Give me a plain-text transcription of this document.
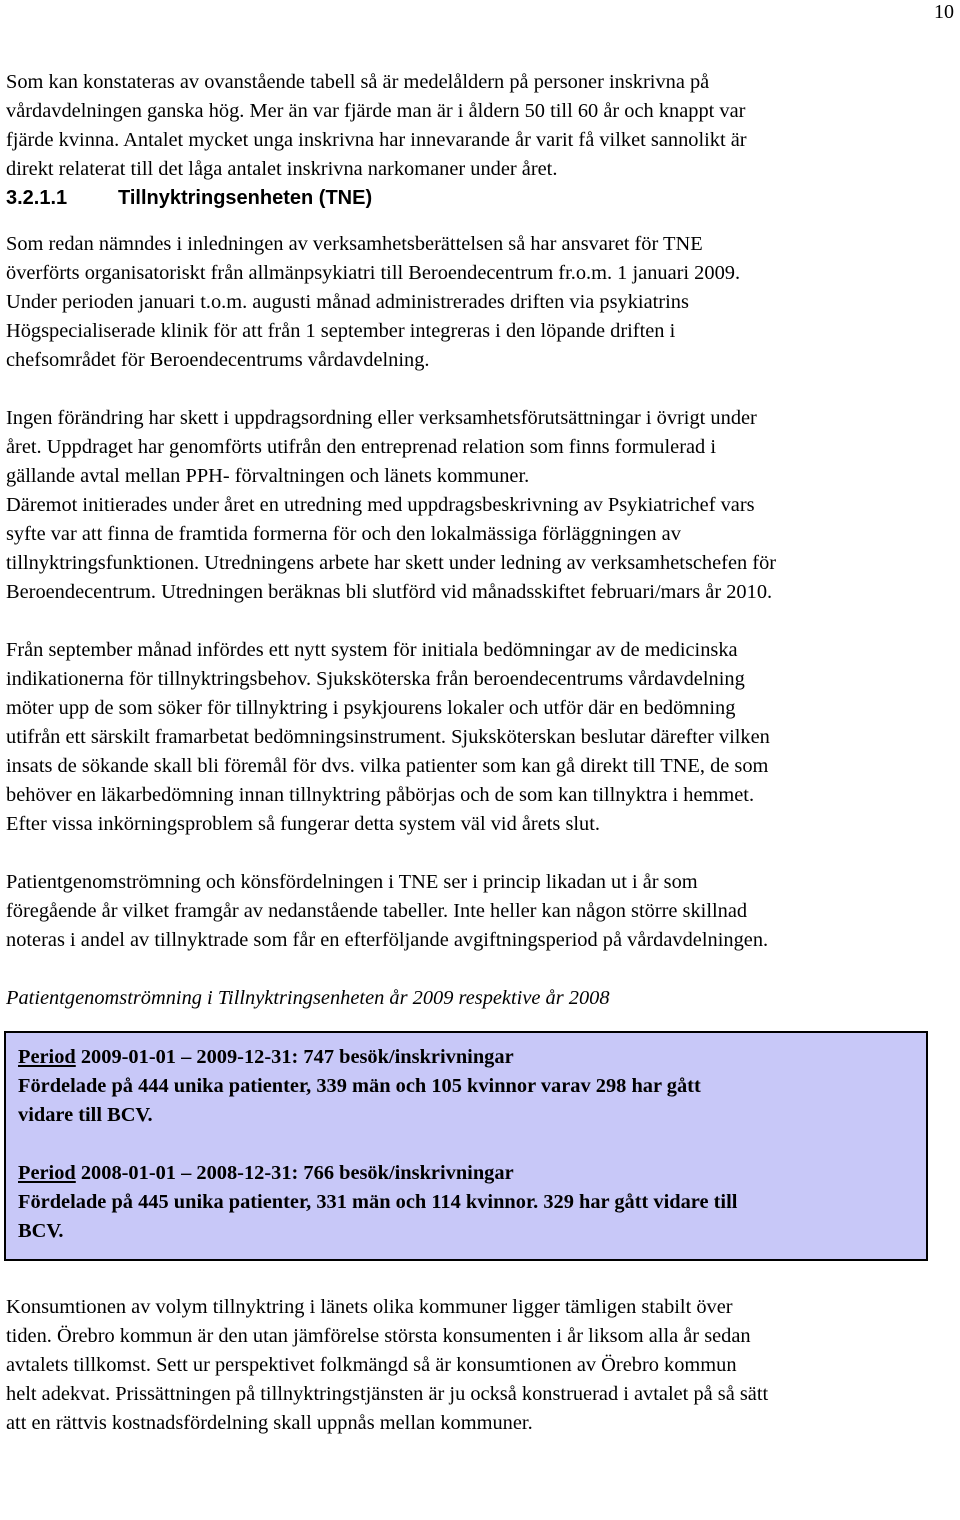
10

Som kan konstateras av ovanstående tabell så är medelåldern på personer inskrivna på
vårdavdelningen ganska hög. Mer än var fjärde man är i åldern 50 till 60 år och knappt var
fjärde kvinna. Antalet mycket unga inskrivna har innevarande år varit få vilket sannolikt är
direkt relaterat till det låga antalet inskrivna narkomaner under året.

3.2.1.1	Tillnyktringsenheten (TNE)

Som redan nämndes i inledningen av verksamhetsberättelsen så har ansvaret för TNE
överförts organisatoriskt från allmänpsykiatri till Beroendecentrum fr.o.m. 1 januari 2009.
Under perioden januari t.o.m. augusti månad administrerades driften via psykiatrins
Högspecialiserade klinik för att från 1 september integreras i den löpande driften i
chefsområdet för Beroendecentrums vårdavdelning.

Ingen förändring har skett i uppdragsordning eller verksamhetsförutsättningar i övrigt under
året. Uppdraget har genomförts utifrån den entreprenad relation som finns formulerad i
gällande avtal mellan PPH- förvaltningen och länets kommuner.
Däremot initierades under året en utredning med uppdragsbeskrivning av Psykiatrichef vars
syfte var att finna de framtida formerna för och den lokalmässiga förläggningen av
tillnyktringsfunktionen. Utredningens arbete har skett under ledning av verksamhetschefen för
Beroendecentrum. Utredningen beräknas bli slutförd vid månadsskiftet februari/mars år 2010.

Från september månad infördes ett nytt system för initiala bedömningar av de medicinska
indikationerna för tillnyktringsbehov. Sjuksköterska från beroendecentrums vårdavdelning
möter upp de som söker för tillnyktring i psykjourens lokaler och utför där en bedömning
utifrån ett särskilt framarbetat bedömningsinstrument. Sjuksköterskan beslutar därefter vilken
insats de sökande skall bli föremål för dvs. vilka patienter som kan gå direkt till TNE, de som
behöver en läkarbedömning innan tillnyktring påbörjas och de som kan tillnyktra i hemmet.
Efter vissa inkörningsproblem så fungerar detta system väl vid årets slut.

Patientgenomströmning och könsfördelningen i TNE ser i princip likadan ut i år som
föregående år vilket framgår av nedanstående tabeller. Inte heller kan någon större skillnad
noteras i andel av tillnyktrade som får en efterföljande avgiftningsperiod på vårdavdelningen.

Patientgenomströmning i Tillnyktringsenheten år 2009 respektive år 2008

Period 2009-01-01 – 2009-12-31: 747 besök/inskrivningar

Fördelade på 444 unika patienter, 339 män och 105 kvinnor varav 298 har gått
vidare till BCV.

Period 2008-01-01 – 2008-12-31: 766 besök/inskrivningar

Fördelade på 445 unika patienter, 331 män och 114 kvinnor. 329 har gått vidare till
BCV.

Konsumtionen av volym tillnyktring i länets olika kommuner ligger tämligen stabilt över
tiden. Örebro kommun är den utan jämförelse största konsumenten i år liksom alla år sedan
avtalets tillkomst. Sett ur perspektivet folkmängd så är konsumtionen av Örebro kommun
helt adekvat. Prissättningen på tillnyktringstjänsten är ju också konstruerad i avtalet på så sätt
att en rättvis kostnadsfördelning skall uppnås mellan kommuner.
